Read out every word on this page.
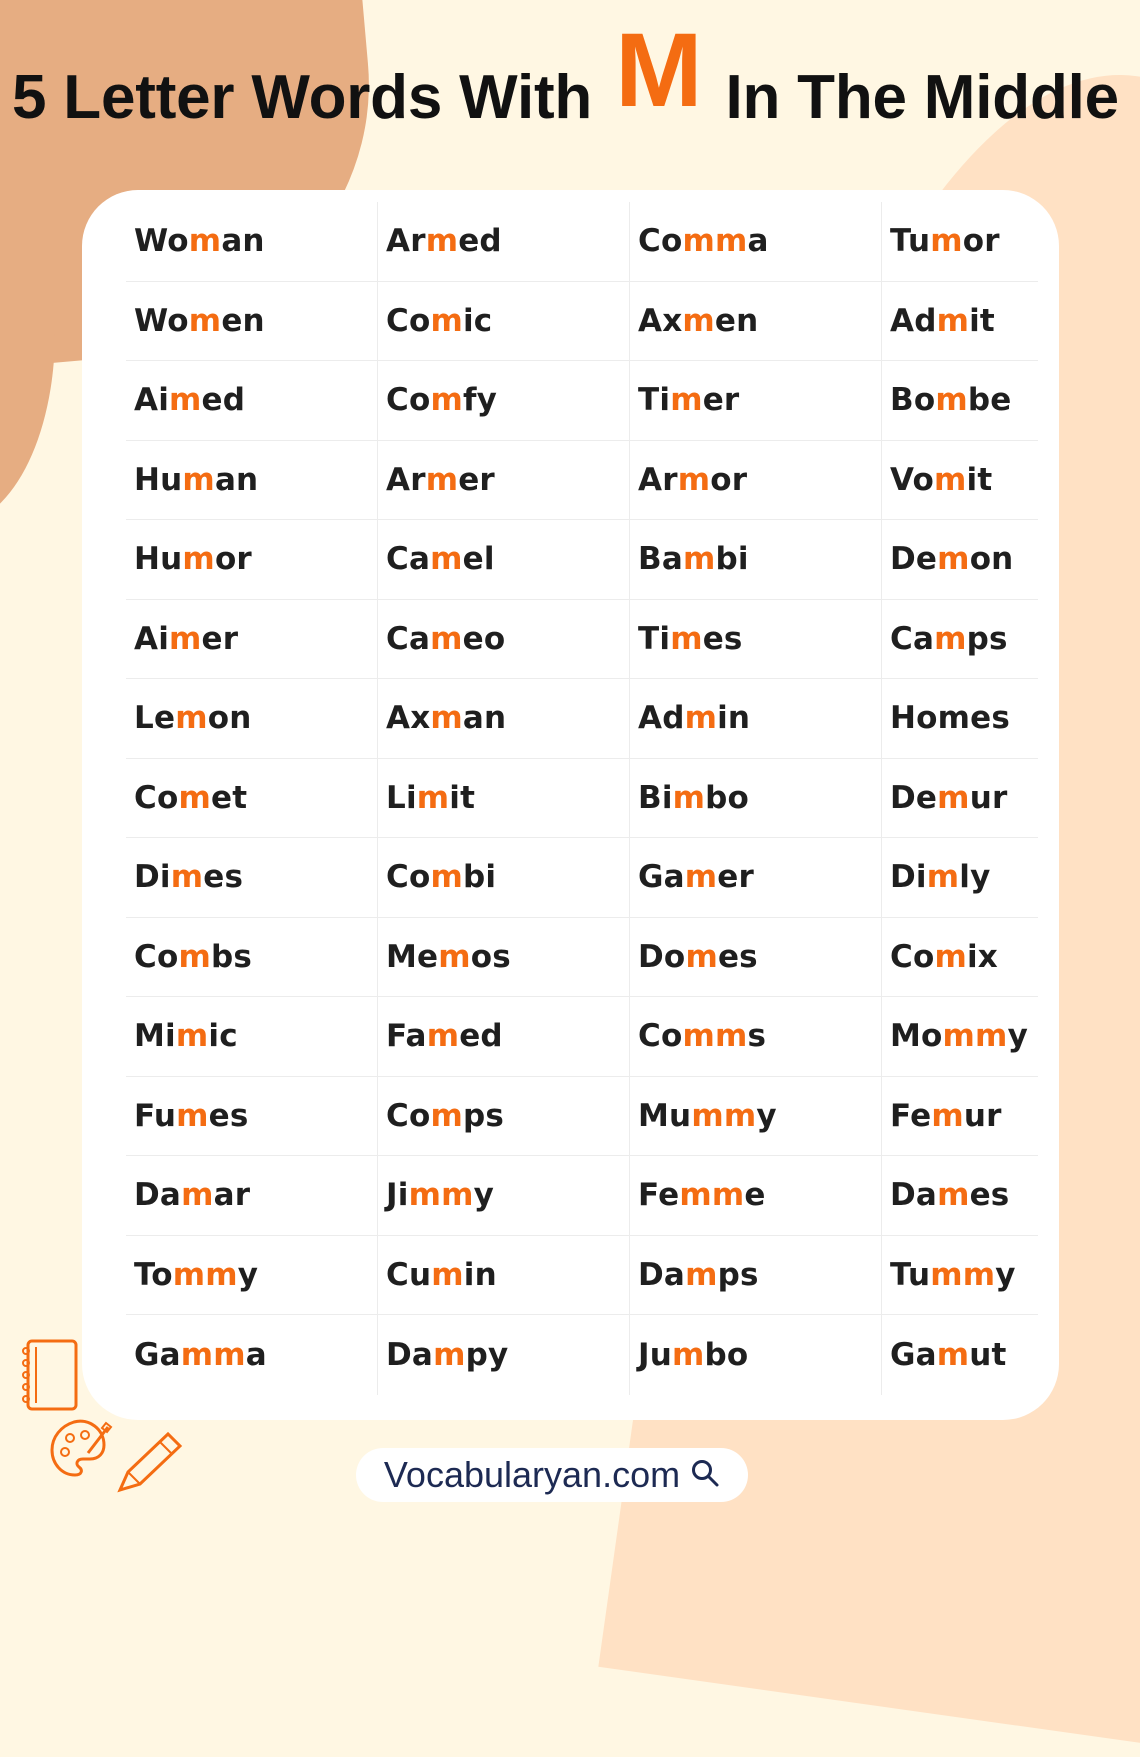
5 Letter Words With M In The Middle
Wo m an	Ar m ed	Co mm a	Tu m or
Wo m en	Co m ic	Ax m en	Ad m it
Ai m ed	Co m fy	Ti m er	Bo m be
Hu m an	Ar m er	Ar m or	Vo m it
Hu m or	Ca m el	Ba m bi	De m on
Ai m er	Ca m eo	Ti m es	Ca m ps
Le m on	Ax m an	Ad m in	Homes
Co m et	Li m it	Bi m bo	De m ur
Di m es	Co m bi	Ga m er	Di m ly
Co m bs	Me m os	Do m es	Co m ix
Mi m ic	Fa m ed	Co mm s	Mo mm y
Fu m es	Co m ps	Mu mm y	Fe m ur
Da m ar	Ji mm y	Fe mm e	Da m es
To mm y	Cu m in	Da m ps	Tu mm y
Ga mm a	Da m py	Ju m bo	Ga m ut
Vocabularyan.com
